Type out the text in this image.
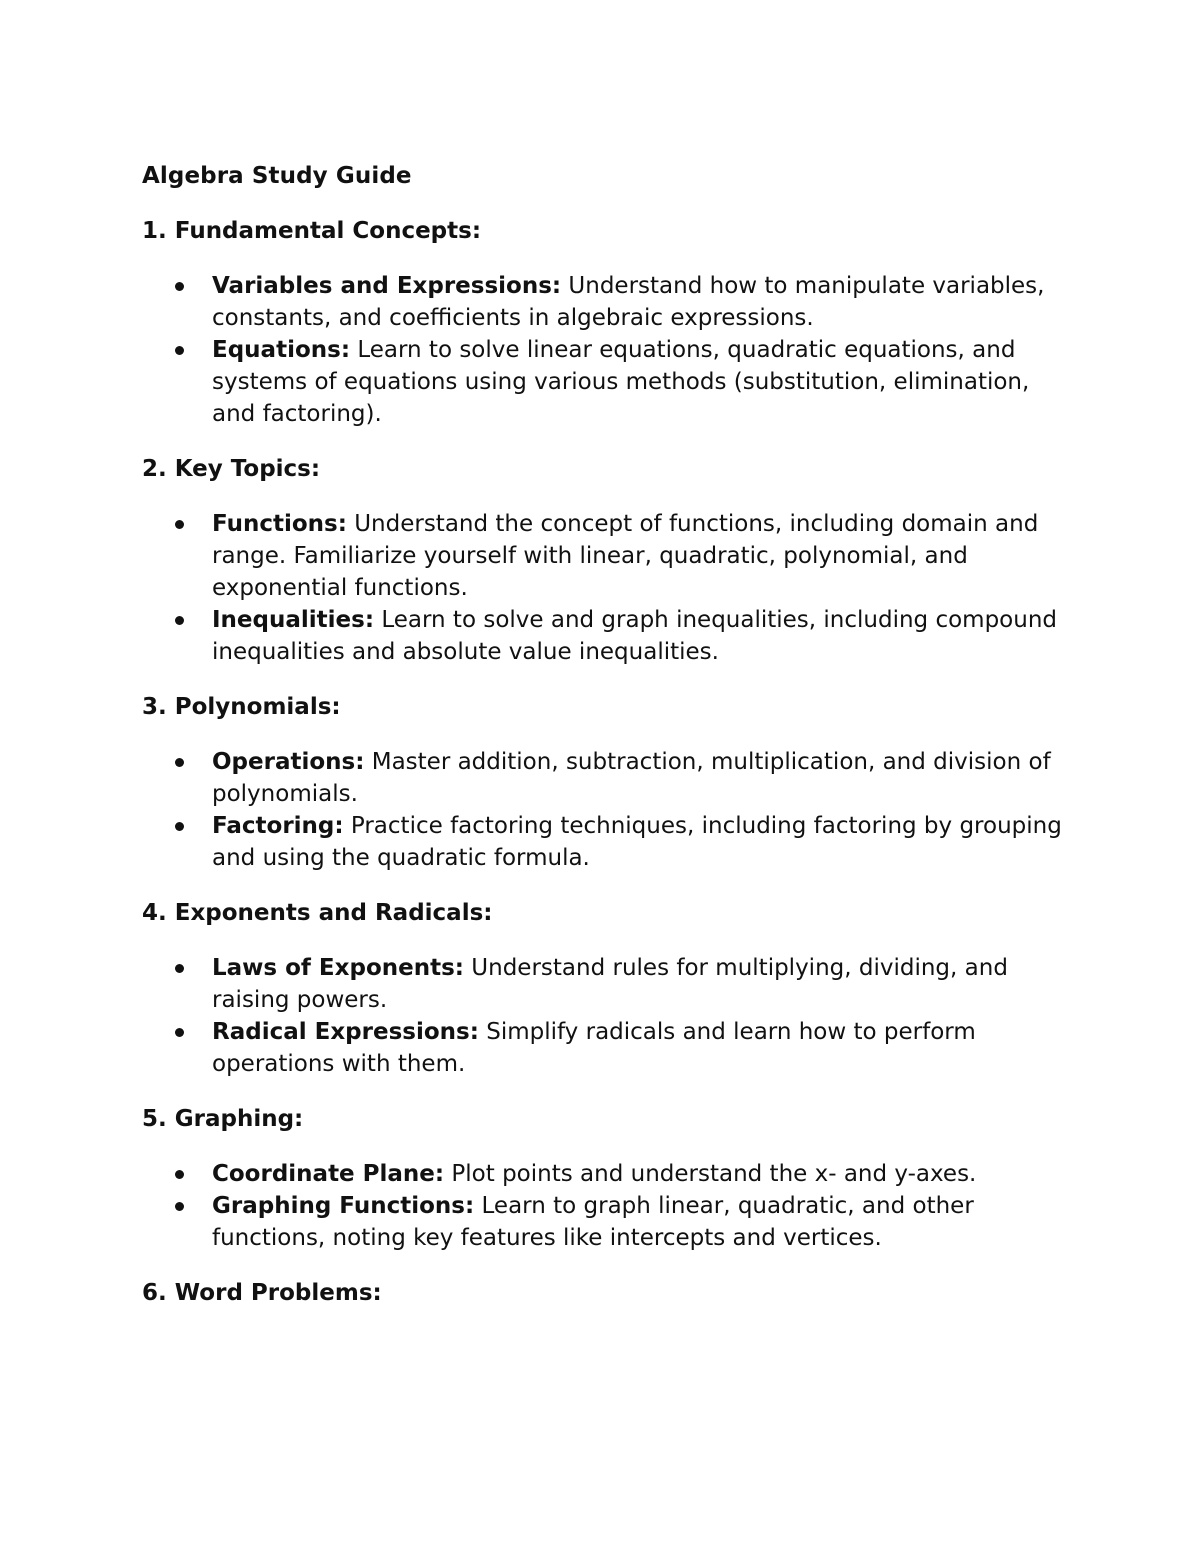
Algebra Study Guide

1. Fundamental Concepts:

Variables and Expressions: Understand how to manipulate variables, constants, and coefficients in algebraic expressions.
Equations: Learn to solve linear equations, quadratic equations, and systems of equations using various methods (substitution, elimination, and factoring).

2. Key Topics:

Functions: Understand the concept of functions, including domain and range. Familiarize yourself with linear, quadratic, polynomial, and exponential functions.
Inequalities: Learn to solve and graph inequalities, including compound inequalities and absolute value inequalities.

3. Polynomials:

Operations: Master addition, subtraction, multiplication, and division of polynomials.
Factoring: Practice factoring techniques, including factoring by grouping and using the quadratic formula.

4. Exponents and Radicals:

Laws of Exponents: Understand rules for multiplying, dividing, and raising powers.
Radical Expressions: Simplify radicals and learn how to perform operations with them.

5. Graphing:

Coordinate Plane: Plot points and understand the x- and y-axes.
Graphing Functions: Learn to graph linear, quadratic, and other functions, noting key features like intercepts and vertices.

6. Word Problems:
